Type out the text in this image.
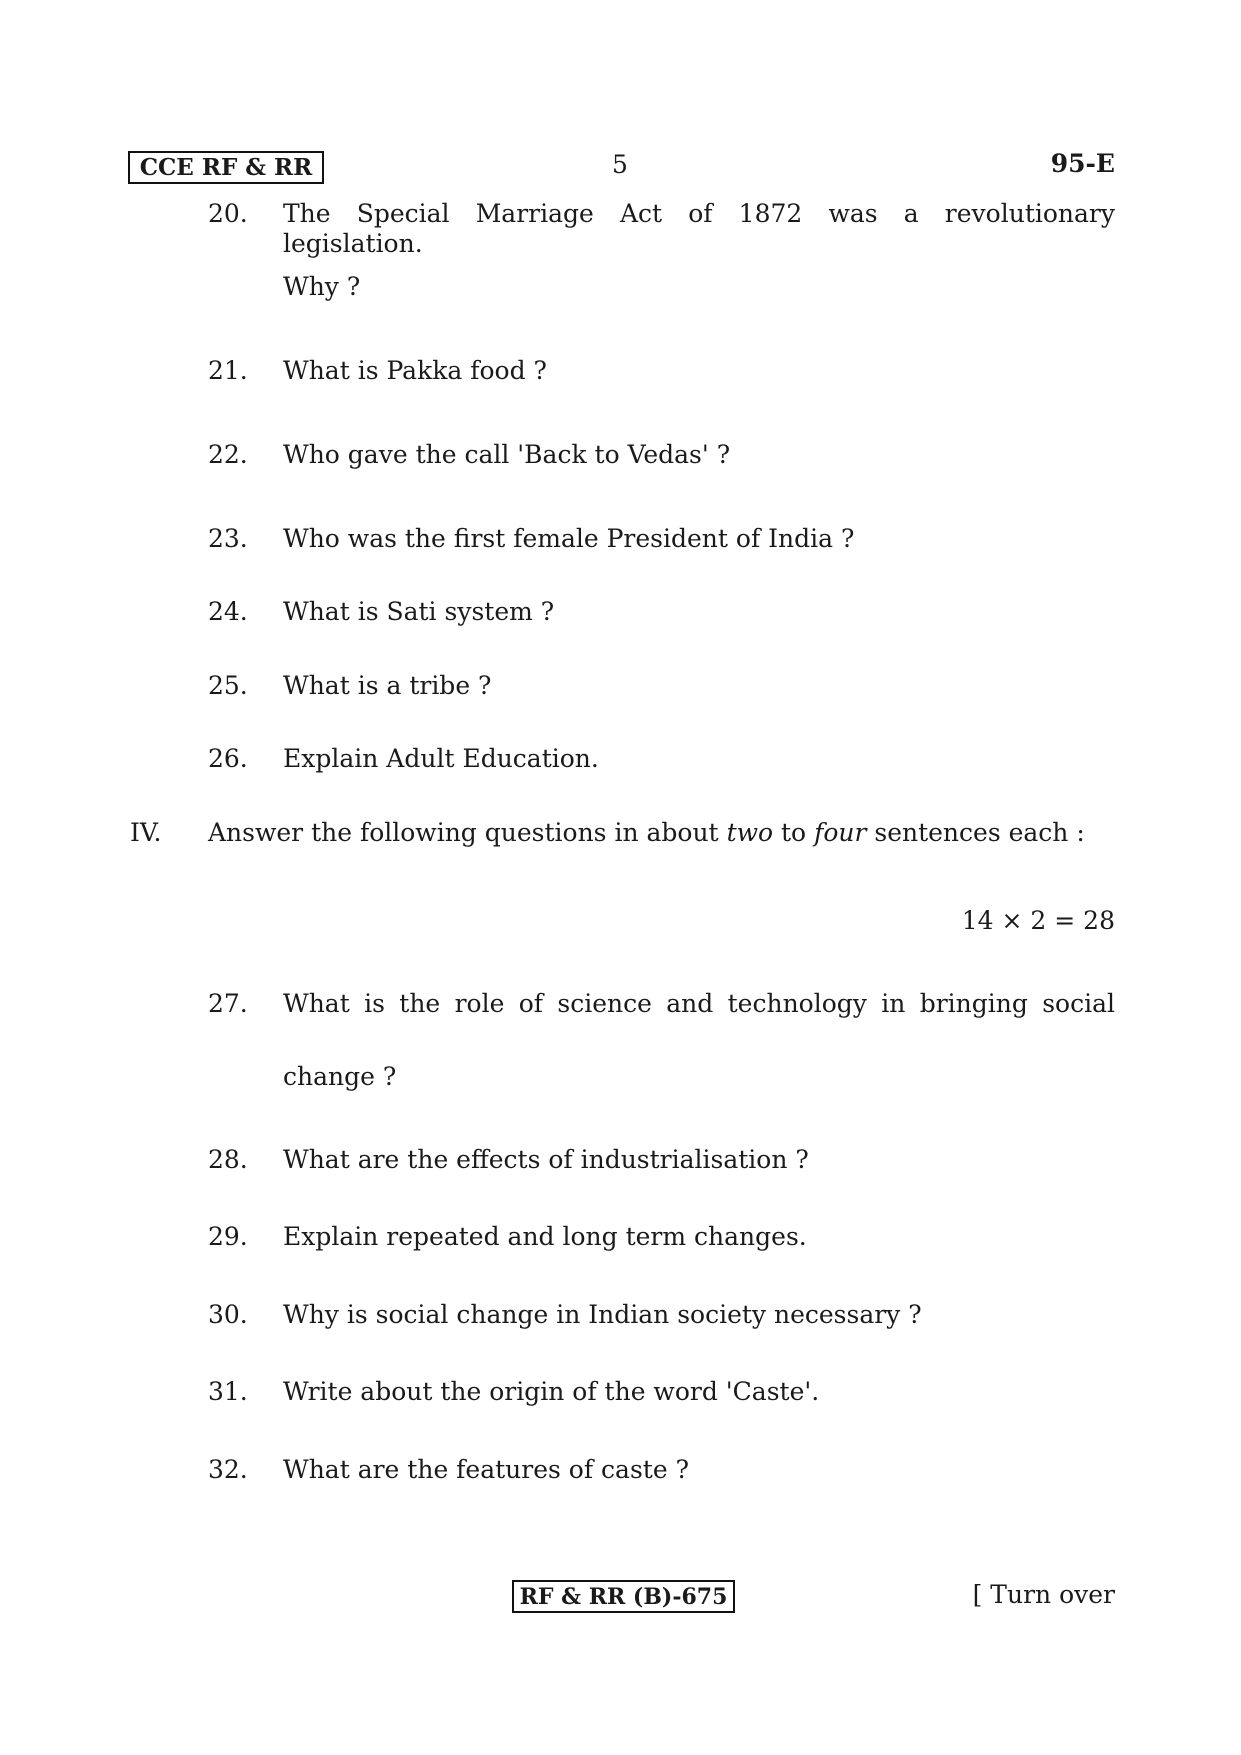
CCE RF & RR	5	95-E
20. The Special Marriage Act of 1872 was a revolutionary legislation.
Why ?
21. What is Pakka food ?
22. Who gave the call 'Back to Vedas' ?
23. Who was the first female President of India ?
24. What is Sati system ?
25. What is a tribe ?
26. Explain Adult Education.
IV. Answer the following questions in about two to four sentences each :
14 × 2 = 28
27. What is the role of science and technology in bringing social
change ?
28. What are the effects of industrialisation ?
29. Explain repeated and long term changes.
30. Why is social change in Indian society necessary ?
31. Write about the origin of the word 'Caste'.
32. What are the features of caste ?
RF & RR (B)-675	[ Turn over
